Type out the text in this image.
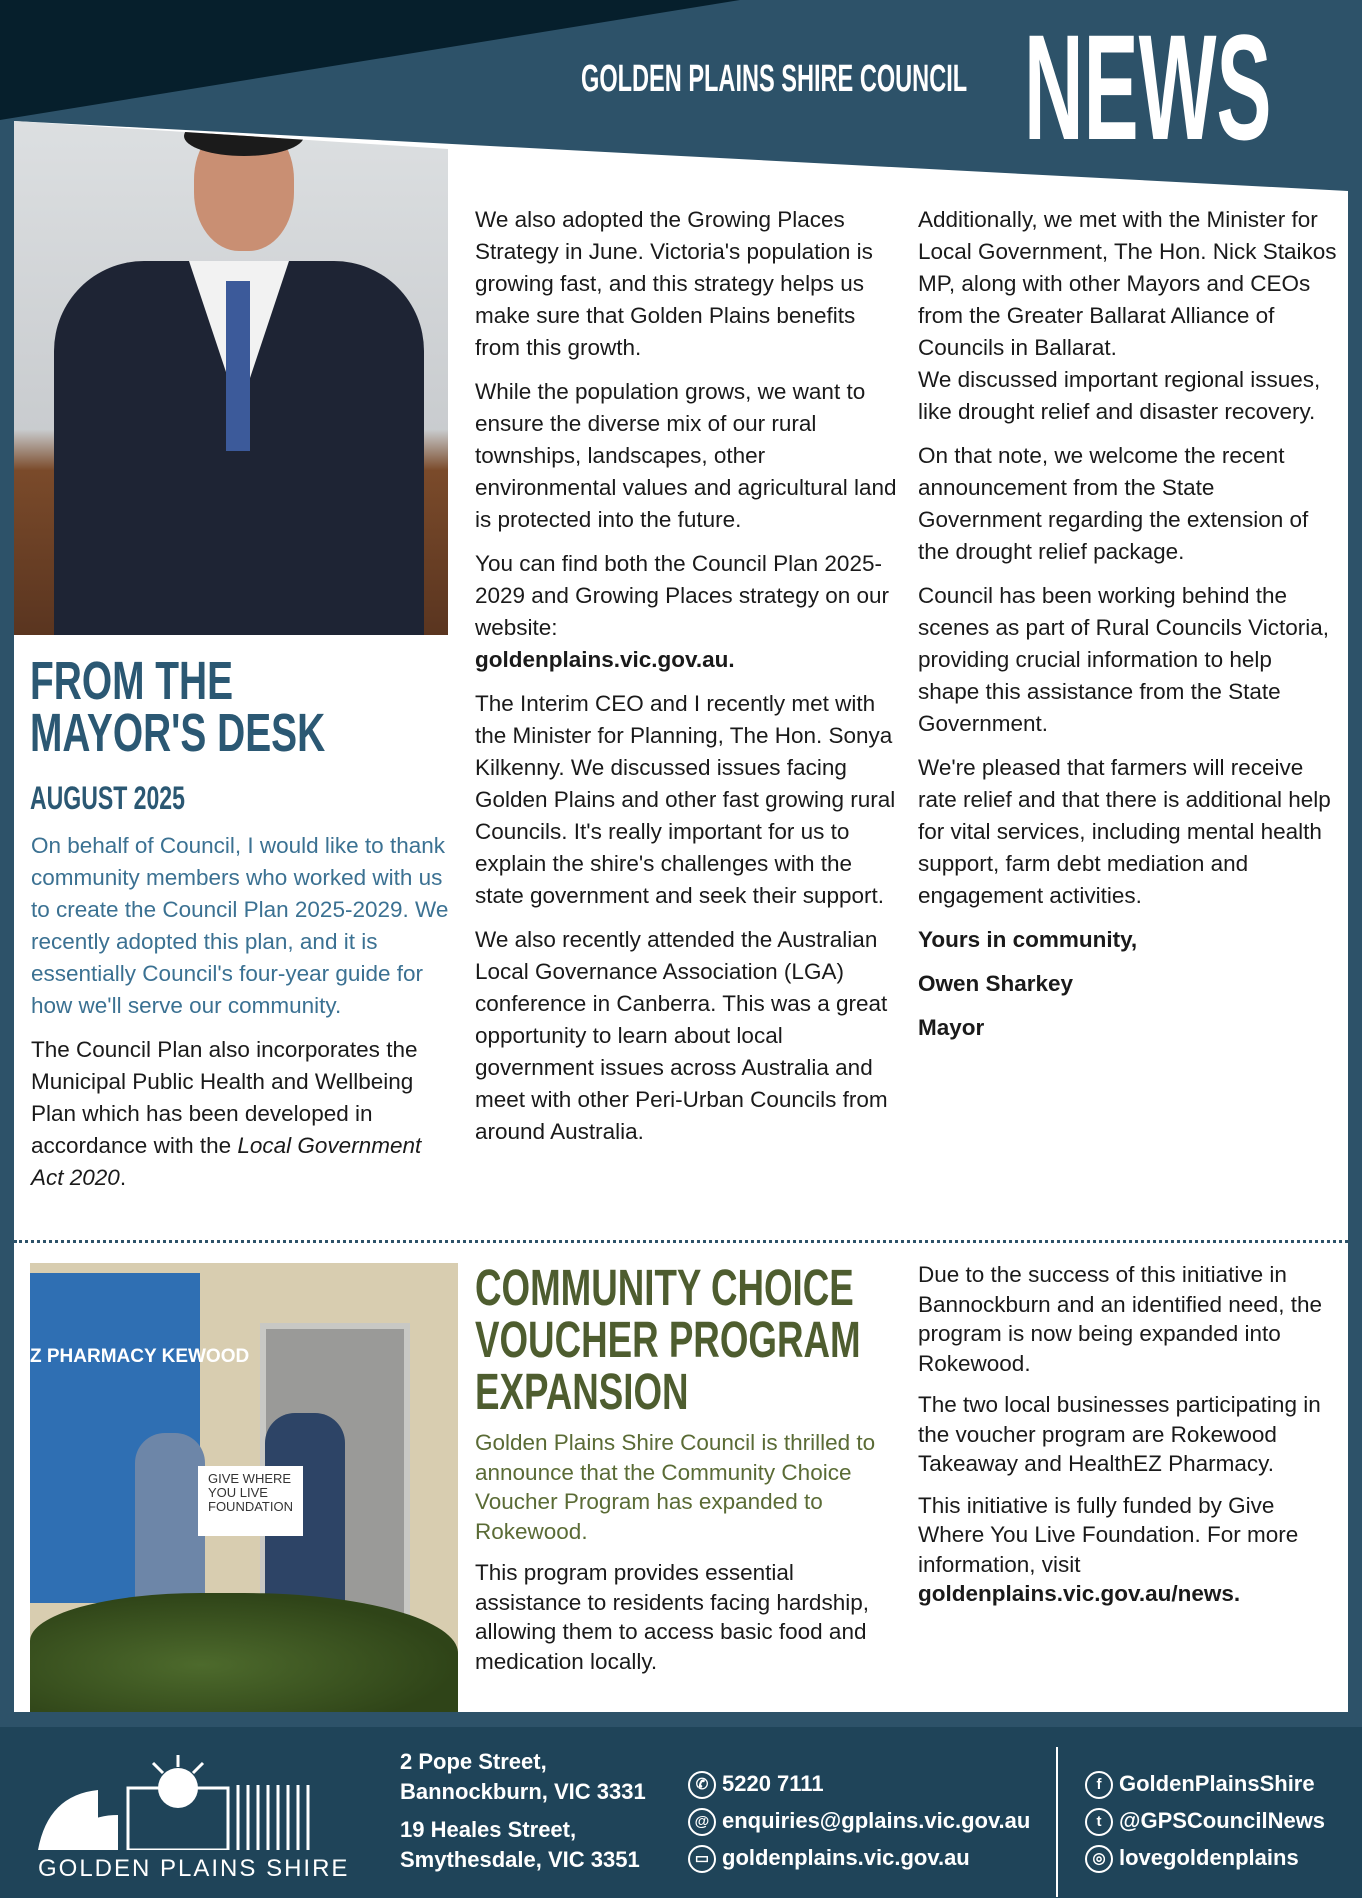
GOLDEN PLAINS SHIRE COUNCIL NEWS
FROM THE
MAYOR'S DESK
AUGUST 2025

On behalf of Council, I would like to thank community members who worked with us to create the Council Plan 2025-2029. We recently adopted this plan, and it is essentially Council's four-year guide for how we'll serve our community.

The Council Plan also incorporates the Municipal Public Health and Wellbeing Plan which has been developed in accordance with the Local Government Act 2020.

We also adopted the Growing Places Strategy in June. Victoria's population is growing fast, and this strategy helps us make sure that Golden Plains benefits from this growth.

While the population grows, we want to ensure the diverse mix of our rural townships, landscapes, other environmental values and agricultural land is protected into the future.

You can find both the Council Plan 2025-2029 and Growing Places strategy on our website:
goldenplains.vic.gov.au.

The Interim CEO and I recently met with the Minister for Planning, The Hon. Sonya Kilkenny. We discussed issues facing Golden Plains and other fast growing rural Councils. It's really important for us to explain the shire's challenges with the state government and seek their support.

We also recently attended the Australian Local Governance Association (LGA) conference in Canberra. This was a great opportunity to learn about local government issues across Australia and meet with other Peri-Urban Councils from around Australia.

Additionally, we met with the Minister for Local Government, The Hon. Nick Staikos MP, along with other Mayors and CEOs from the Greater Ballarat Alliance of Councils in Ballarat.

We discussed important regional issues, like drought relief and disaster recovery.

On that note, we welcome the recent announcement from the State Government regarding the extension of the drought relief package.

Council has been working behind the scenes as part of Rural Councils Victoria, providing crucial information to help shape this assistance from the State Government.

We're pleased that farmers will receive rate relief and that there is additional help for vital services, including mental health support, farm debt mediation and engagement activities.

Yours in community,

Owen Sharkey

Mayor

Z PHARMACY KEWOOD
GIVE WHERE YOU LIVE FOUNDATION
COMMUNITY CHOICE
VOUCHER PROGRAM
EXPANSION

Golden Plains Shire Council is thrilled to announce that the Community Choice Voucher Program has expanded to Rokewood.

This program provides essential assistance to residents facing hardship, allowing them to access basic food and medication locally.

Due to the success of this initiative in Bannockburn and an identified need, the program is now being expanded into Rokewood.

The two local businesses participating in the voucher program are Rokewood Takeaway and HealthEZ Pharmacy.

This initiative is fully funded by Give Where You Live Foundation. For more information, visit
goldenplains.vic.gov.au/news.

GOLDEN PLAINS SHIRE
2 Pope Street,
Bannockburn, VIC 3331
19 Heales Street,
Smythesdale, VIC 3351
✆ 5220 7111
@ enquiries@gplains.vic.gov.au
▭ goldenplains.vic.gov.au
f GoldenPlainsShire
t @GPSCouncilNews
◎ lovegoldenplains
